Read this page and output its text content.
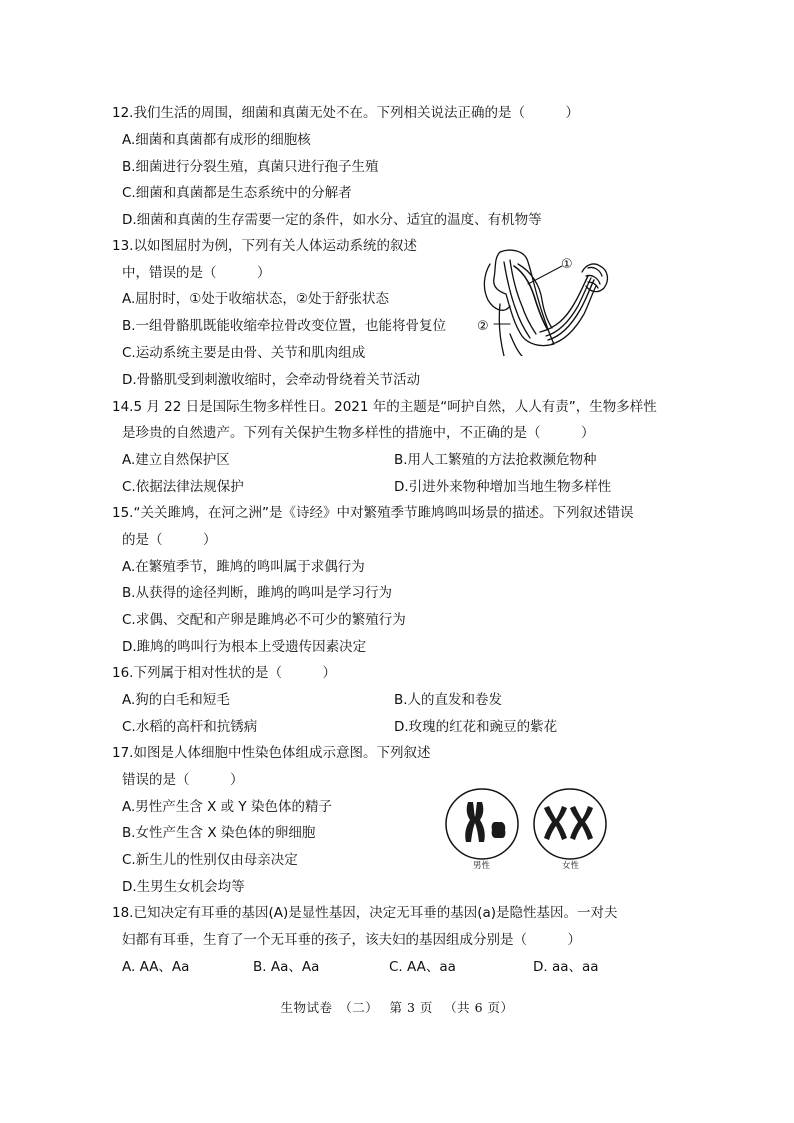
12.我们生活的周围，细菌和真菌无处不在。下列相关说法正确的是（　　　）
A.细菌和真菌都有成形的细胞核
B.细菌进行分裂生殖，真菌只进行孢子生殖
C.细菌和真菌都是生态系统中的分解者
D.细菌和真菌的生存需要一定的条件，如水分、适宜的温度、有机物等
13.以如图屈肘为例，下列有关人体运动系统的叙述
中，错误的是（　　　）
A.屈肘时，①处于收缩状态，②处于舒张状态
B.一组骨骼肌既能收缩牵拉骨改变位置，也能将骨复位
C.运动系统主要是由骨、关节和肌肉组成
D.骨骼肌受到刺激收缩时，会牵动骨绕着关节活动
①
②
14.5 月 22 日是国际生物多样性日。2021 年的主题是“呵护自然，人人有责”，生物多样性
是珍贵的自然遗产。下列有关保护生物多样性的措施中，不正确的是（　　　）
A.建立自然保护区	B.用人工繁殖的方法抢救濒危物种
C.依据法律法规保护	D.引进外来物种增加当地生物多样性
15.“关关雎鸠，在河之洲”是《诗经》中对繁殖季节雎鸠鸣叫场景的描述。下列叙述错误
的是（　　　）
A.在繁殖季节，雎鸠的鸣叫属于求偶行为
B.从获得的途径判断，雎鸠的鸣叫是学习行为
C.求偶、交配和产卵是雎鸠必不可少的繁殖行为
D.雎鸠的鸣叫行为根本上受遗传因素决定
16.下列属于相对性状的是（　　　）
A.狗的白毛和短毛	B.人的直发和卷发
C.水稻的高杆和抗锈病	D.玫瑰的红花和豌豆的紫花
17.如图是人体细胞中性染色体组成示意图。下列叙述
错误的是（　　　）
A.男性产生含 X 或 Y 染色体的精子
B.女性产生含 X 染色体的卵细胞
C.新生儿的性别仅由母亲决定
D.生男生女机会均等
男性	女性
18.已知决定有耳垂的基因(A)是显性基因，决定无耳垂的基因(a)是隐性基因。一对夫
妇都有耳垂，生育了一个无耳垂的孩子，该夫妇的基因组成分别是（　　　）
A. AA、Aa	B. Aa、Aa	C. AA、aa	D. aa、aa
生物试卷　（二）　 第 3 页 　（共 6 页）
